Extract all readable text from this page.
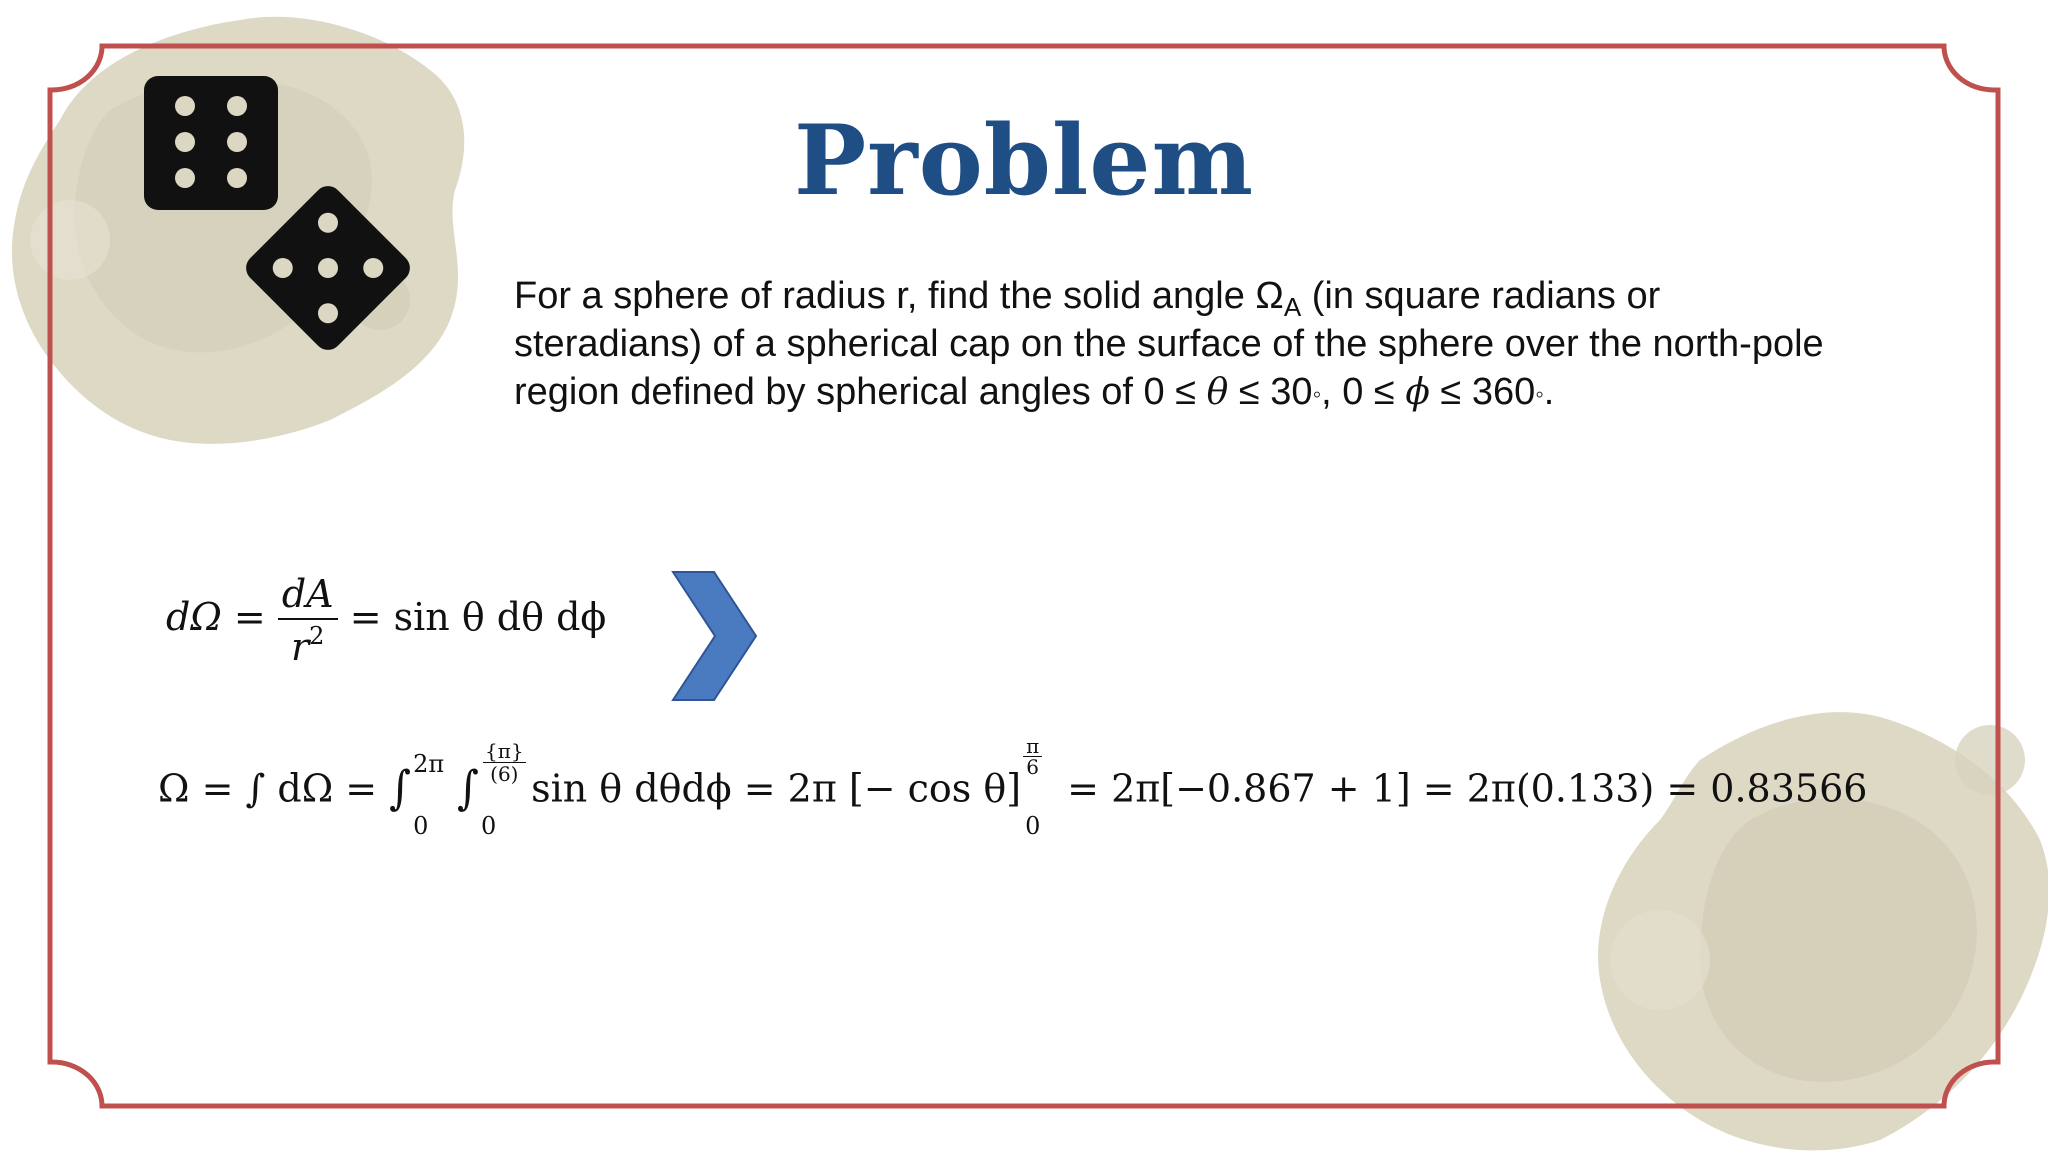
Problem
For a sphere of radius r, find the solid angle $\Omega_A$ (in square radians or
steradians) of a spherical cap on the surface of the sphere over the north-pole
region defined by spherical angles of 0 ≤ θ ≤ 30◦, 0 ≤ ϕ ≤ 360◦.
$d\Omega = \frac{dA}{r^2} = \sin \theta$ dθ dϕ
Ω = ∫ dΩ = ∫ 2π
0
∫
{π}
(6)
0
sin θ dθdϕ = 2π [− cos θ]
π
6
0
= 2π[−0.867 + 1] = 2π(0.133) = 0.83566
